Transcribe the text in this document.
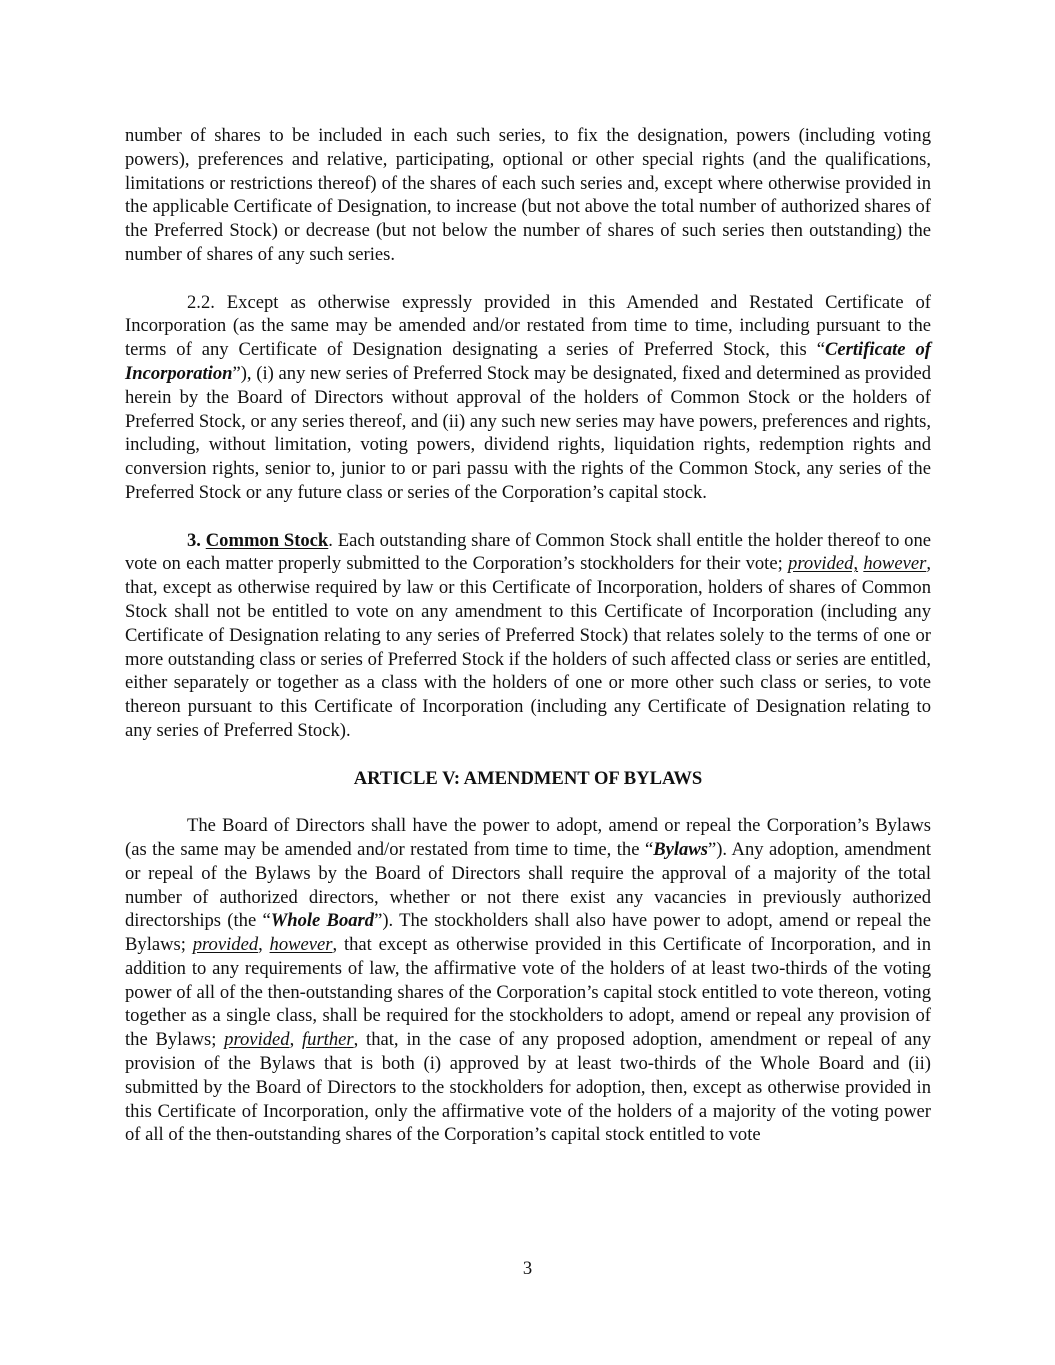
number of shares to be included in each such series, to fix the designation, powers (including voting powers), preferences and relative, participating, optional or other special rights (and the qualifications, limitations or restrictions thereof) of the shares of each such series and, except where otherwise provided in the applicable Certificate of Designation, to increase (but not above the total number of authorized shares of the Preferred Stock) or decrease (but not below the number of shares of such series then outstanding) the number of shares of any such series.

2.2. Except as otherwise expressly provided in this Amended and Restated Certificate of Incorporation (as the same may be amended and/or restated from time to time, including pursuant to the terms of any Certificate of Designation designating a series of Preferred Stock, this “Certificate of Incorporation”), (i) any new series of Preferred Stock may be designated, fixed and determined as provided herein by the Board of Directors without approval of the holders of Common Stock or the holders of Preferred Stock, or any series thereof, and (ii) any such new series may have powers, preferences and rights, including, without limitation, voting powers, dividend rights, liquidation rights, redemption rights and conversion rights, senior to, junior to or pari passu with the rights of the Common Stock, any series of the Preferred Stock or any future class or series of the Corporation’s capital stock.

3. Common Stock. Each outstanding share of Common Stock shall entitle the holder thereof to one vote on each matter properly submitted to the Corporation’s stockholders for their vote; provided, however, that, except as otherwise required by law or this Certificate of Incorporation, holders of shares of Common Stock shall not be entitled to vote on any amendment to this Certificate of Incorporation (including any Certificate of Designation relating to any series of Preferred Stock) that relates solely to the terms of one or more outstanding class or series of Preferred Stock if the holders of such affected class or series are entitled, either separately or together as a class with the holders of one or more other such class or series, to vote thereon pursuant to this Certificate of Incorporation (including any Certificate of Designation relating to any series of Preferred Stock).

ARTICLE V: AMENDMENT OF BYLAWS

The Board of Directors shall have the power to adopt, amend or repeal the Corporation’s Bylaws (as the same may be amended and/or restated from time to time, the “Bylaws”). Any adoption, amendment or repeal of the Bylaws by the Board of Directors shall require the approval of a majority of the total number of authorized directors, whether or not there exist any vacancies in previously authorized directorships (the “Whole Board”). The stockholders shall also have power to adopt, amend or repeal the Bylaws; provided, however, that except as otherwise provided in this Certificate of Incorporation, and in addition to any requirements of law, the affirmative vote of the holders of at least two-thirds of the voting power of all of the then-outstanding shares of the Corporation’s capital stock entitled to vote thereon, voting together as a single class, shall be required for the stockholders to adopt, amend or repeal any provision of the Bylaws; provided, further, that, in the case of any proposed adoption, amendment or repeal of any provision of the Bylaws that is both (i) approved by at least two-thirds of the Whole Board and (ii) submitted by the Board of Directors to the stockholders for adoption, then, except as otherwise provided in this Certificate of Incorporation, only the affirmative vote of the holders of a majority of the voting power of all of the then-outstanding shares of the Corporation’s capital stock entitled to vote

3
